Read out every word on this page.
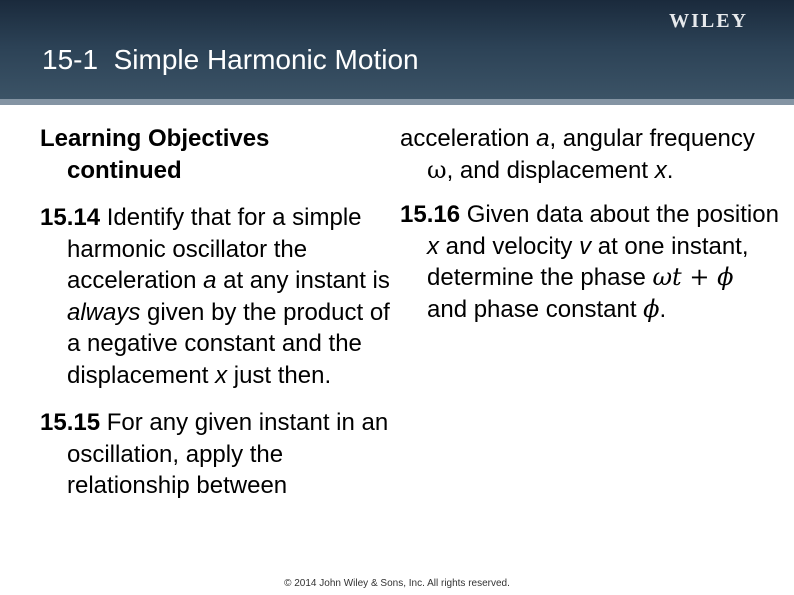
WILEY
15-1  Simple Harmonic Motion

Learning Objectives
continued

15.14 Identify that for a simple harmonic oscillator the acceleration a at any instant is always given by the product of a negative constant and the displacement x just then.

15.15 For any given instant in an oscillation, apply the relationship between

acceleration a, angular frequency ω, and displacement x.

15.16 Given data about the position x and velocity v at one instant, determine the phase ωt + ϕ and phase constant ϕ.

© 2014 John Wiley & Sons, Inc. All rights reserved.
